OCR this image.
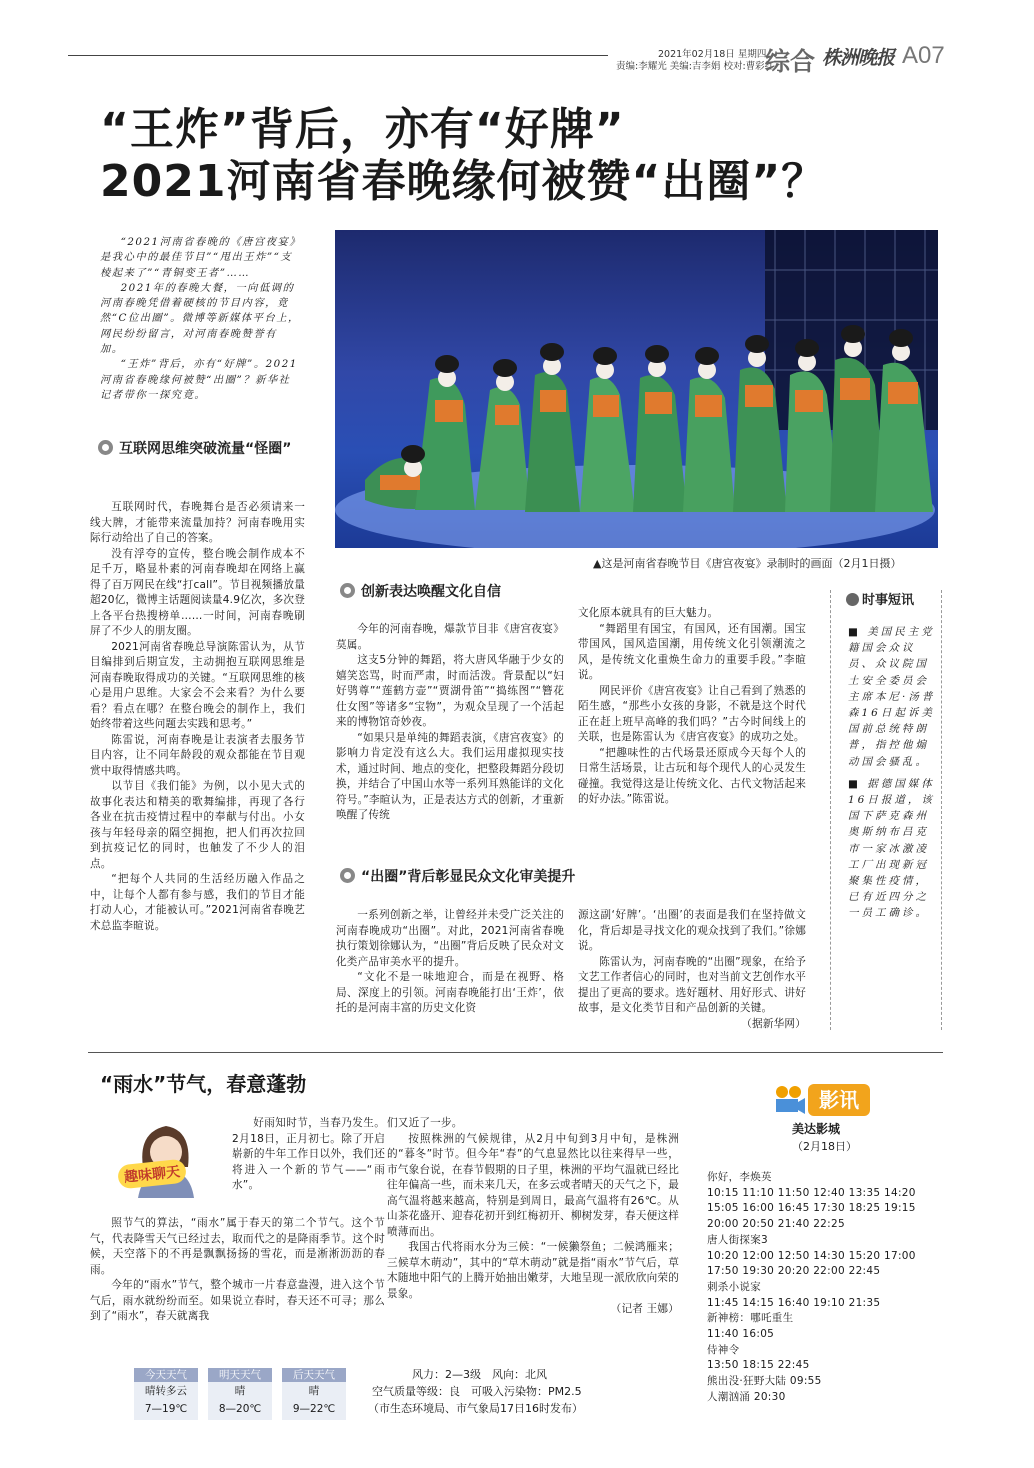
2021年02月18日 星期四
责编:李耀光 美编:吉李娟 校对:曹彩红
综合 株洲晚报 A07
“王炸”背后，亦有“好牌”
2021河南省春晚缘何被赞“出圈”？

“2021河南省春晚的《唐宫夜宴》是我心中的最佳节目”“甩出王炸”“支棱起来了”“青铜变王者”……

2021年的春晚大餐，一向低调的河南春晚凭借着硬核的节目内容，竟然“C位出圈”。微博等新媒体平台上，网民纷纷留言，对河南春晚赞誉有加。

“王炸”背后，亦有“好牌”。2021河南省春晚缘何被赞“出圈”？新华社记者带你一探究竟。

互联网思维突破流量“怪圈”

互联网时代，春晚舞台是否必须请来一线大牌，才能带来流量加持？河南春晚用实际行动给出了自己的答案。

没有浮夸的宣传，整台晚会制作成本不足千万，略显朴素的河南春晚却在网络上赢得了百万网民在线“打call”。节目视频播放量超20亿，微博主话题阅读量4.9亿次，多次登上各平台热搜榜单……一时间，河南春晚刷屏了不少人的朋友圈。

2021河南省春晚总导演陈雷认为，从节目编排到后期宣发，主动拥抱互联网思维是河南春晚取得成功的关键。“互联网思维的核心是用户思维。大家会不会来看？为什么要看？看点在哪？在整台晚会的制作上，我们始终带着这些问题去实践和思考。”

陈雷说，河南春晚是让表演者去服务节目内容，让不同年龄段的观众都能在节目观赏中取得情感共鸣。

以节目《我们能》为例，以小见大式的故事化表达和精美的歌舞编排，再现了各行各业在抗击疫情过程中的奉献与付出。小女孩与年轻母亲的隔空拥抱，把人们再次拉回到抗疫记忆的同时，也触发了不少人的泪点。

“把每个人共同的生活经历融入作品之中，让每个人都有参与感，我们的节目才能打动人心，才能被认可。”2021河南省春晚艺术总监李暄说。

▲这是河南省春晚节目《唐宫夜宴》录制时的画面（2月1日摄）
创新表达唤醒文化自信

今年的河南春晚，爆款节目非《唐宫夜宴》莫属。

这支5分钟的舞蹈，将大唐风华融于少女的嬉笑恣骂，时而严肃，时而活泼。背景配以“妇好鸮尊”“莲鹤方壶”“贾湖骨笛”“捣练图”“簪花仕女图”等诸多“宝物”，为观众呈现了一个活起来的博物馆奇妙夜。

“如果只是单纯的舞蹈表演，《唐宫夜宴》的影响力肯定没有这么大。我们运用虚拟现实技术，通过时间、地点的变化，把整段舞蹈分段切换，并结合了中国山水等一系列耳熟能详的文化符号。”李暄认为，正是表达方式的创新，才重新唤醒了传统

文化原本就具有的巨大魅力。

“舞蹈里有国宝，有国风，还有国潮。国宝带国风，国风造国潮，用传统文化引领潮流之风，是传统文化重焕生命力的重要手段。”李暄说。

网民评价《唐宫夜宴》让自己看到了熟悉的陌生感，“那些小女孩的身影，不就是这个时代正在赶上班早高峰的我们吗？”古今时间线上的关联，也是陈雷认为《唐宫夜宴》的成功之处。

“把趣味性的古代场景还原成今天每个人的日常生活场景，让古玩和每个现代人的心灵发生碰撞。我觉得这是让传统文化、古代文物活起来的好办法。”陈雷说。

“出圈”背后彰显民众文化审美提升

一系列创新之举，让曾经并未受广泛关注的河南春晚成功“出圈”。对此，2021河南省春晚执行策划徐娜认为，“出圈”背后反映了民众对文化类产品审美水平的提升。

“文化不是一味地迎合，而是在视野、格局、深度上的引领。河南春晚能打出‘王炸’，依托的是河南丰富的历史文化资

源这副‘好牌’。‘出圈’的表面是我们在坚持做文化，背后却是寻找文化的观众找到了我们。”徐娜说。

陈雷认为，河南春晚的“出圈”现象，在给予文艺工作者信心的同时，也对当前文艺创作水平提出了更高的要求。选好题材、用好形式、讲好故事，是文化类节目和产品创新的关键。

（据新华网）

时事短讯

■ 美国民主党籍国会众议员、众议院国土安全委员会主席本尼·汤普森16日起诉美国前总统特朗普，指控他煽动国会骚乱。

■ 据德国媒体16日报道，该国下萨克森州奥斯纳布吕克市一家冰激凌工厂出现新冠聚集性疫情，已有近四分之一员工确诊。

“雨水”节气，春意蓬勃
趣味聊天

好雨知时节，当春乃发生。2月18日，正月初七。除了开启崭新的牛年工作日以外，我们还将进入一个新的节气——“雨水”。

照节气的算法，“雨水”属于春天的第二个节气。这个节气，代表降雪天气已经过去，取而代之的是降雨季节。这个时候，天空落下的不再是飘飘扬扬的雪花，而是淅淅沥沥的春雨。

今年的“雨水”节气，整个城市一片春意盎漫，进入这个节气后，雨水就纷纷而至。如果说立春时，春天还不可寻；那么到了“雨水”，春天就离我

们又近了一步。

按照株洲的气候规律，从2月中旬到3月中旬，是株洲的“暮冬”时节。但今年“春”的气息显然比以往来得早一些，市气象台说，在春节假期的日子里，株洲的平均气温就已经比往年偏高一些，而未来几天，在多云或者晴天的天气之下，最高气温将越来越高，特别是到周日，最高气温将有26℃。从山茶花盛开、迎春花初开到红梅初开、柳树发芽，春天便这样喷薄而出。

我国古代将雨水分为三候：“一候獭祭鱼；二候鸿雁来；三候草木萌动”，其中的“草木萌动”就是指“雨水”节气后，草木随地中阳气的上腾开始抽出嫩芽，大地呈现一派欣欣向荣的景象。

（记者 王娜）

今天天气
晴转多云
7—19℃
明天天气
晴
8—20℃
后天天气
晴
9—22℃
风力：2—3级　风向：北风
空气质量等级：良　可吸入污染物：PM2.5
（市生态环境局、市气象局17日16时发布）
影讯
美达影城
（2月18日）
你好，李焕英
10:15 11:10 11:50 12:40 13:35 14:20
15:05 16:00 16:45 17:30 18:25 19:15
20:00 20:50 21:40 22:25
唐人街探案3
10:20 12:00 12:50 14:30 15:20 17:00
17:50 19:30 20:20 22:00 22:45
刺杀小说家
11:45 14:15 16:40 19:10 21:35
新神榜：哪吒重生
11:40 16:05
侍神令
13:50 18:15 22:45
熊出没·狂野大陆 09:55
人潮汹涌 20:30
